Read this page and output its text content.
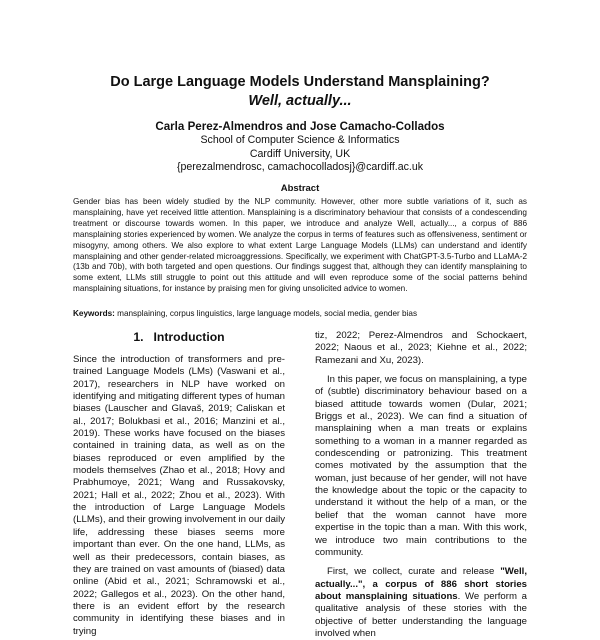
Do Large Language Models Understand Mansplaining?
Well, actually...
Carla Perez-Almendros and Jose Camacho-Collados
School of Computer Science & Informatics
Cardiff University, UK
{perezalmendrosc, camachocolladosj}@cardiff.ac.uk
Abstract

Gender bias has been widely studied by the NLP community. However, other more subtle variations of it, such as mansplaining, have yet received little attention. Mansplaining is a discriminatory behaviour that consists of a condescending treatment or discourse towards women. In this paper, we introduce and analyze Well, actually..., a corpus of 886 mansplaining stories experienced by women. We analyze the corpus in terms of features such as offensiveness, sentiment or misogyny, among others. We also explore to what extent Large Language Models (LLMs) can understand and identify mansplaining and other gender-related microaggressions. Specifically, we experiment with ChatGPT-3.5-Turbo and LLaMA-2 (13b and 70b), with both targeted and open questions. Our findings suggest that, although they can identify mansplaining to some extent, LLMs still struggle to point out this attitude and will even reproduce some of the social patterns behind mansplaining situations, for instance by praising men for giving unsolicited advice to women.

Keywords: mansplaining, corpus linguistics, large language models, social media, gender bias

1. Introduction

Since the introduction of transformers and pre-trained Language Models (LMs) (Vaswani et al., 2017), researchers in NLP have worked on identifying and mitigating different types of human biases (Lauscher and Glavaš, 2019; Caliskan et al., 2017; Bolukbasi et al., 2016; Manzini et al., 2019). These works have focused on the biases contained in training data, as well as on the biases reproduced or even amplified by the models themselves (Zhao et al., 2018; Hovy and Prabhumoye, 2021; Wang and Russakovsky, 2021; Hall et al., 2022; Zhou et al., 2023). With the introduction of Large Language Models (LLMs), and their growing involvement in our daily life, addressing these biases seems more important than ever. On the one hand, LLMs, as well as their predecessors, contain biases, as they are trained on vast amounts of (biased) data online (Abid et al., 2021; Schramowski et al., 2022; Gallegos et al., 2023). On the other hand, there is an evident effort by the research community in identifying these biases and in trying

tiz, 2022; Perez-Almendros and Schockaert, 2022; Naous et al., 2023; Kiehne et al., 2022; Ramezani and Xu, 2023).

In this paper, we focus on mansplaining, a type of (subtle) discriminatory behaviour based on a biased attitude towards women (Dular, 2021; Briggs et al., 2023). We can find a situation of mansplaining when a man treats or explains something to a woman in a manner regarded as condescending or patronizing. This treatment comes motivated by the assumption that the woman, just because of her gender, will not have the knowledge about the topic or the capacity to understand it without the help of a man, or the belief that the woman cannot have more expertise in the topic than a man. With this work, we introduce two main contributions to the community.

First, we collect, curate and release "Well, actually...", a corpus of 886 short stories about mansplaining situations. We perform a qualitative analysis of these stories with the objective of better understanding the language involved when
